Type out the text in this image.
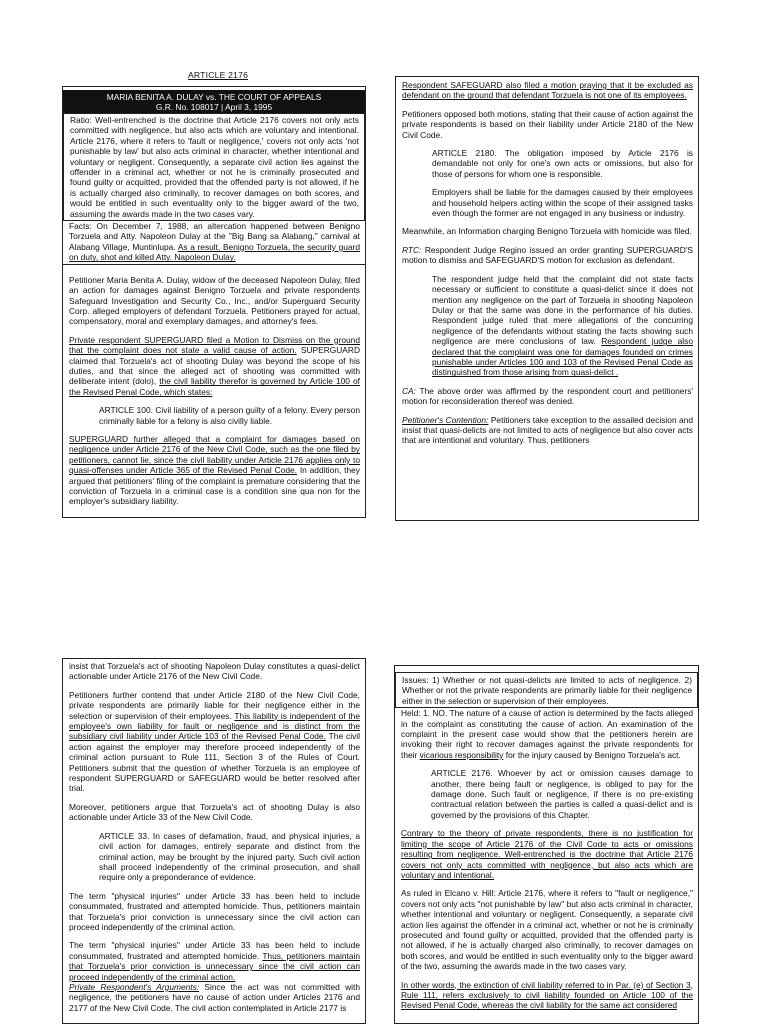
ARTICLE 2176
MARIA BENITA A. DULAY vs. THE COURT OF APPEALS
G.R. No. 108017 | April 3, 1995
Ratio: Well-entrenched is the doctrine that Article 2176 covers not only acts committed with negligence, but also acts which are voluntary and intentional. Article 2176, where it refers to 'fault or negligence,' covers not only acts 'not punishable by law' but also acts criminal in character, whether intentional and voluntary or negligent. Consequently, a separate civil action lies against the offender in a criminal act, whether or not he is criminally prosecuted and found guilty or acquitted, provided that the offended party is not allowed, if he is actually charged also criminally, to recover damages on both scores, and would be entitled in such eventuality only to the bigger award of the two, assuming the awards made in the two cases vary.
Facts: On December 7, 1988, an altercation happened between Benigno Torzuela and Atty. Napoleon Dulay at the "Big Bang sa Alabang," carnival at Alabang Village, Muntinlupa. As a result, Benigno Torzuela, the security guard on duty, shot and killed Atty. Napoleon Dulay.

Petitioner Maria Benita A. Dulay, widow of the deceased Napoleon Dulay, filed an action for damages against Benigno Torzuela and private respondents Safeguard Investigation and Security Co., Inc., and/or Superguard Security Corp. alleged employers of defendant Torzuela. Petitioners prayed for actual, compensatory, moral and exemplary damages, and attorney's fees.

Private respondent SUPERGUARD filed a Motion to Dismiss on the ground that the complaint does not state a valid cause of action. SUPERGUARD claimed that Torzuela's act of shooting Dulay was beyond the scope of his duties, and that since the alleged act of shooting was committed with deliberate intent (dolo), the civil liability therefor is governed by Article 100 of the Revised Penal Code, which states:

ARTICLE 100. Civil liability of a person guilty of a felony. Every person criminally liable for a felony is also civilly liable.

SUPERGUARD further alleged that a complaint for damages based on negligence under Article 2176 of the New Civil Code, such as the one filed by petitioners, cannot lie, since the civil liability under Article 2176 applies only to quasi-offenses under Article 365 of the Revised Penal Code. In addition, they argued that petitioners' filing of the complaint is premature considering that the conviction of Torzuela in a criminal case is a condition sine qua non for the employer's subsidiary liability.

Respondent SAFEGUARD also filed a motion praying that it be excluded as defendant on the ground that defendant Torzuela is not one of its employees.

Petitioners opposed both motions, stating that their cause of action against the private respondents is based on their liability under Article 2180 of the New Civil Code.

ARTICLE 2180. The obligation imposed by Article 2176 is demandable not only for one's own acts or omissions, but also for those of persons for whom one is responsible.

Employers shall be liable for the damages caused by their employees and household helpers acting within the scope of their assigned tasks even though the former are not engaged in any business or industry.

Meanwhile, an Information charging Benigno Torzuela with homicide was filed.

RTC: Respondent Judge Regino issued an order granting SUPERGUARD'S motion to dismiss and SAFEGUARD'S motion for exclusion as defendant.

The respondent judge held that the complaint did not state facts necessary or sufficient to constitute a quasi-delict since it does not mention any negligence on the part of Torzuela in shooting Napoleon Dulay or that the same was done in the performance of his duties. Respondent judge ruled that mere allegations of the concurring negligence of the defendants without stating the facts showing such negligence are mere conclusions of law. Respondent judge also declared that the complaint was one for damages founded on crimes punishable under Articles 100 and 103 of the Revised Penal Code as distinguished from those arising from quasi-delict .

CA: The above order was affirmed by the respondent court and petitioners' motion for reconsideration thereof was denied.

Petitioner's Contention: Petitioners take exception to the assailed decision and insist that quasi-delicts are not limited to acts of negligence but also cover acts that are intentional and voluntary. Thus, petitioners

insist that Torzuela's act of shooting Napoleon Dulay constitutes a quasi-delict actionable under Article 2176 of the New Civil Code.

Petitioners further contend that under Article 2180 of the New Civil Code, private respondents are primarily liable for their negligence either in the selection or supervision of their employees. This liability is independent of the employee's own liability for fault or negligence and is distinct from the subsidiary civil liability under Article 103 of the Revised Penal Code. The civil action against the employer may therefore proceed independently of the criminal action pursuant to Rule 111, Section 3 of the Rules of Court. Petitioners submit that the question of whether Torzuela is an employee of respondent SUPERGUARD or SAFEGUARD would be better resolved after trial.

Moreover, petitioners argue that Torzuela's act of shooting Dulay is also actionable under Article 33 of the New Civil Code.

ARTICLE 33. In cases of defamation, fraud, and physical injuries, a civil action for damages, entirely separate and distinct from the criminal action, may be brought by the injured party. Such civil action shall proceed independently of the criminal prosecution, and shall require only a preponderance of evidence.

The term "physical injuries" under Article 33 has been held to include consummated, frustrated and attempted homicide. Thus, petitioners maintain that Torzuela's prior conviction is unnecessary since the civil action can proceed independently of the criminal action.

The term "physical injuries" under Article 33 has been held to include consummated, frustrated and attempted homicide. Thus, petitioners maintain that Torzuela's prior conviction is unnecessary since the civil action can proceed independently of the criminal action.
Private Respondent's Arguments: Since the act was not committed with negligence, the petitioners have no cause of action under Articles 2176 and 2177 of the New Civil Code. The civil action contemplated in Article 2177 is

Issues: 1) Whether or not quasi-delicts are limited to acts of negligence. 2) Whether or not the private respondents are primarily liable for their negligence either in the selection or supervision of their employees.

Held: 1. NO. The nature of a cause of action is determined by the facts alleged in the complaint as constituting the cause of action. An examination of the complaint in the present case would show that the petitioners herein are invoking their right to recover damages against the private respondents for their vicarious responsibility for the injury caused by Benigno Torzuela's act.

ARTICLE 2176. Whoever by act or omission causes damage to another, there being fault or negligence, is obliged to pay for the damage done. Such fault or negligence, if there is no pre-existing contractual relation between the parties is called a quasi-delict and is governed by the provisions of this Chapter.

Contrary to the theory of private respondents, there is no justification for limiting the scope of Article 2176 of the Civil Code to acts or omissions resulting from negligence. Well-entrenched is the doctrine that Article 2176 covers not only acts committed with negligence, but also acts which are voluntary and intentional.

As ruled in Elcano v. Hill: Article 2176, where it refers to "fault or negligence," covers not only acts "not punishable by law" but also acts criminal in character, whether intentional and voluntary or negligent. Consequently, a separate civil action lies against the offender in a criminal act, whether or not he is criminally prosecuted and found guilty or acquitted, provided that the offended party is not allowed, if he is actually charged also criminally, to recover damages on both scores, and would be entitled in such eventuality only to the bigger award of the two, assuming the awards made in the two cases vary.

In other words, the extinction of civil liability referred to in Par. (e) of Section 3, Rule 111, refers exclusively to civil liability founded on Article 100 of the Revised Penal Code, whereas the civil liability for the same act considered
